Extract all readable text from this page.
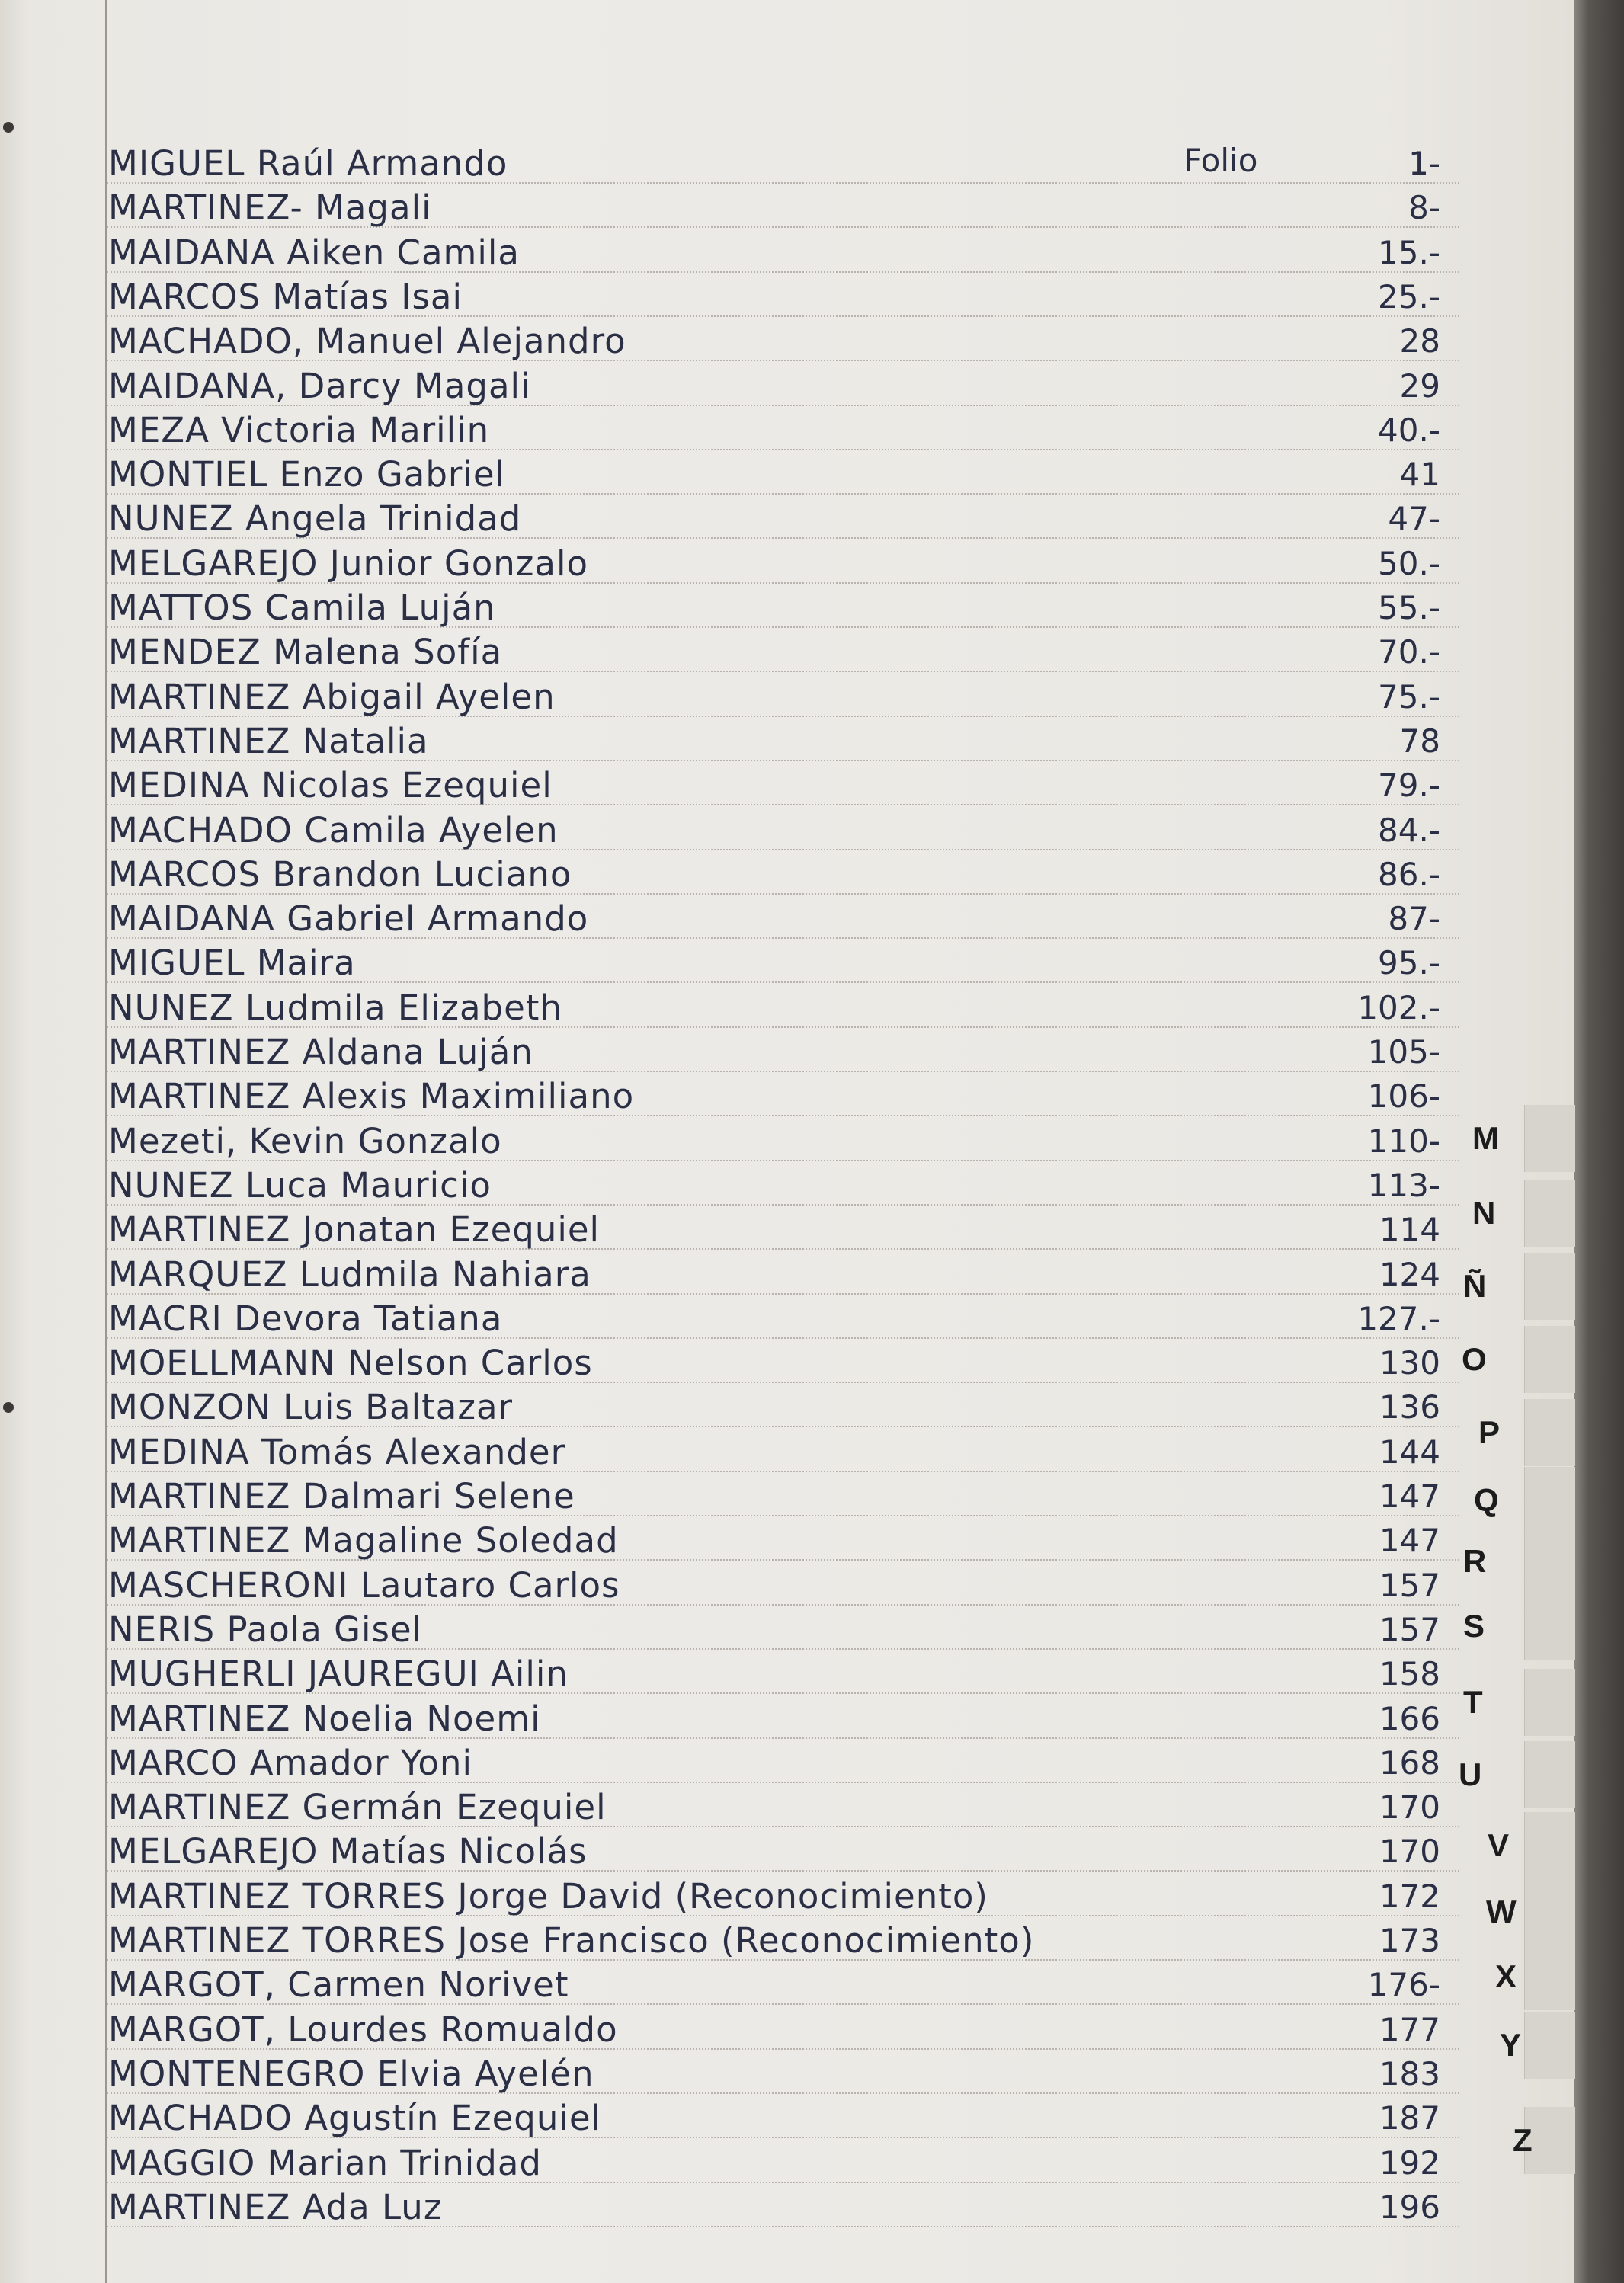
Folio
MIGUEL Raúl Armando	1-
MARTINEZ- Magali	8-
MAIDANA Aiken Camila	15.-
MARCOS Matías Isai	25.-
MACHADO, Manuel Alejandro	28
MAIDANA, Darcy Magali	29
MEZA Victoria Marilin	40.-
MONTIEL Enzo Gabriel	41
NUNEZ Angela Trinidad	47-
MELGAREJO Junior Gonzalo	50.-
MATTOS Camila Luján	55.-
MENDEZ Malena Sofía	70.-
MARTINEZ Abigail Ayelen	75.-
MARTINEZ Natalia	78
MEDINA Nicolas Ezequiel	79.-
MACHADO Camila Ayelen	84.-
MARCOS Brandon Luciano	86.-
MAIDANA Gabriel Armando	87-
MIGUEL Maira	95.-
NUNEZ Ludmila Elizabeth	102.-
MARTINEZ Aldana Luján	105-
MARTINEZ Alexis Maximiliano	106-
Mezeti, Kevin Gonzalo	110-
NUNEZ Luca Mauricio	113-
MARTINEZ Jonatan Ezequiel	114
MARQUEZ Ludmila Nahiara	124
MACRI Devora Tatiana	127.-
MOELLMANN Nelson Carlos	130
MONZON Luis Baltazar	136
MEDINA Tomás Alexander	144
MARTINEZ Dalmari Selene	147
MARTINEZ Magaline Soledad	147
MASCHERONI Lautaro Carlos	157
NERIS Paola Gisel	157
MUGHERLI JAUREGUI Ailin	158
MARTINEZ Noelia Noemi	166
MARCO Amador Yoni	168
MARTINEZ Germán Ezequiel	170
MELGAREJO Matías Nicolás	170
MARTINEZ TORRES Jorge David (Reconocimiento)	172
MARTINEZ TORRES Jose Francisco (Reconocimiento)	173
MARGOT, Carmen Norivet	176-
MARGOT, Lourdes Romualdo	177
MONTENEGRO Elvia Ayelén	183
MACHADO Agustín Ezequiel	187
MAGGIO Marian Trinidad	192
MARTINEZ Ada Luz	196
M
N
Ñ
O
P
Q
R
S
T
U
V
W
X
Y
Z
